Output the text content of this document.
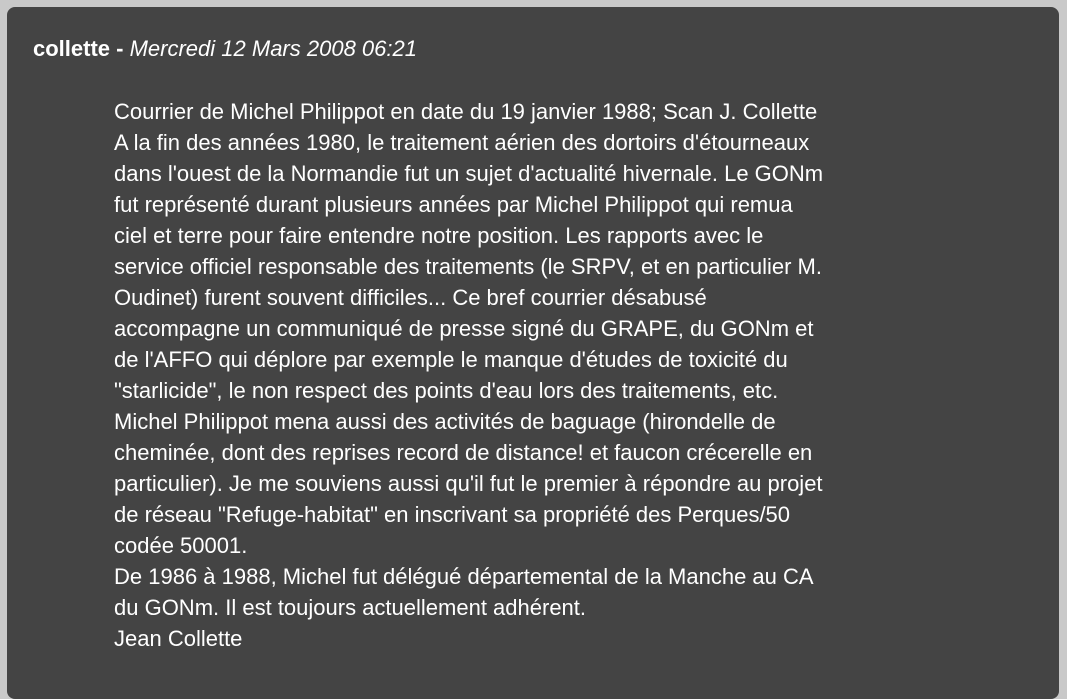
collette - Mercredi 12 Mars 2008 06:21
Courrier de Michel Philippot en date du 19 janvier 1988; Scan J. Collette
A la fin des années 1980, le traitement aérien des dortoirs d'étourneaux
dans l'ouest de la Normandie fut un sujet d'actualité hivernale. Le GONm
fut représenté durant plusieurs années par Michel Philippot qui remua
ciel et terre pour faire entendre notre position. Les rapports avec le
service officiel responsable des traitements (le SRPV, et en particulier M.
Oudinet) furent souvent difficiles... Ce bref courrier désabusé
accompagne un communiqué de presse signé du GRAPE, du GONm et
de l'AFFO qui déplore par exemple le manque d'études de toxicité du
"starlicide", le non respect des points d'eau lors des traitements, etc.
Michel Philippot mena aussi des activités de baguage (hirondelle de
cheminée, dont des reprises record de distance! et faucon crécerelle en
particulier). Je me souviens aussi qu'il fut le premier à répondre au projet
de réseau "Refuge-habitat" en inscrivant sa propriété des Perques/50
codée 50001.
De 1986 à 1988, Michel fut délégué départemental de la Manche au CA
du GONm. Il est toujours actuellement adhérent.
Jean Collette
